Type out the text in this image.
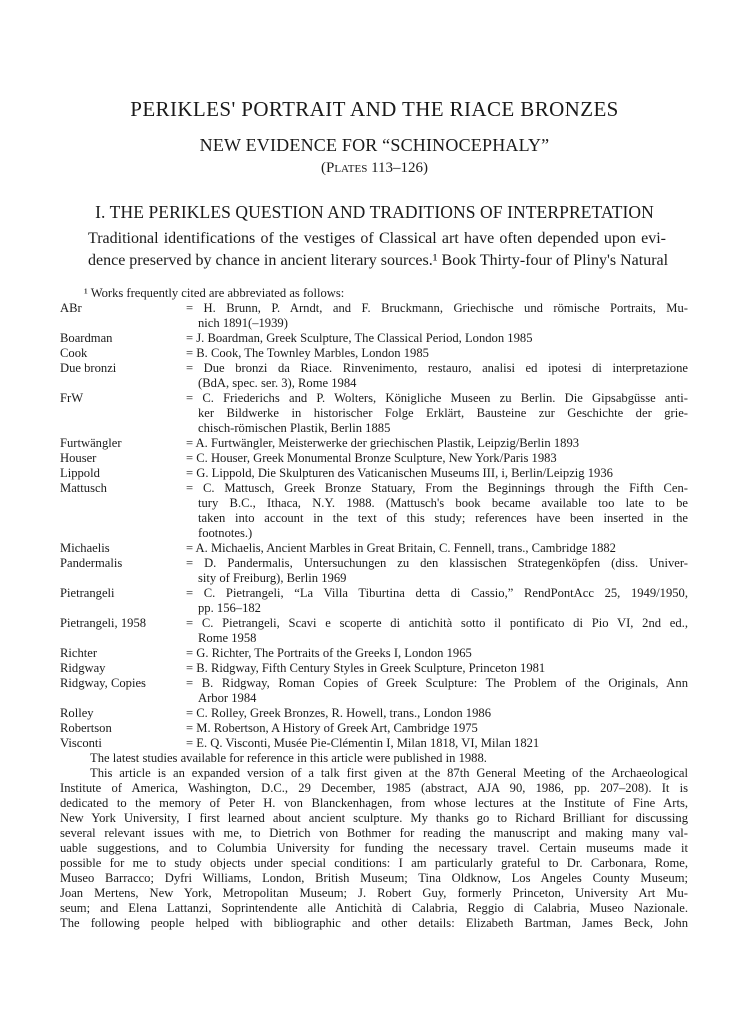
PERIKLES' PORTRAIT AND THE RIACE BRONZES
NEW EVIDENCE FOR “SCHINOCEPHALY”
(Plates 113–126)
I. THE PERIKLES QUESTION AND TRADITIONS OF INTERPRETATION
Traditional identifications of the vestiges of Classical art have often depended upon evi-
dence preserved by chance in ancient literary sources.¹ Book Thirty-four of Pliny's Natural
¹ Works frequently cited are abbreviated as follows:
ABr	= H. Brunn, P. Arndt, and F. Bruckmann, Griechische und römische Portraits, Mu-
nich 1891(–1939)
Boardman	= J. Boardman, Greek Sculpture, The Classical Period, London 1985
Cook	= B. Cook, The Townley Marbles, London 1985
Due bronzi	= Due bronzi da Riace. Rinvenimento, restauro, analisi ed ipotesi di interpretazione
(BdA, spec. ser. 3), Rome 1984
FrW	= C. Friederichs and P. Wolters, Königliche Museen zu Berlin. Die Gipsabgüsse anti-
ker Bildwerke in historischer Folge Erklärt, Bausteine zur Geschichte der grie-
chisch-römischen Plastik, Berlin 1885
Furtwängler	= A. Furtwängler, Meisterwerke der griechischen Plastik, Leipzig/Berlin 1893
Houser	= C. Houser, Greek Monumental Bronze Sculpture, New York/Paris 1983
Lippold	= G. Lippold, Die Skulpturen des Vaticanischen Museums III, i, Berlin/Leipzig 1936
Mattusch	= C. Mattusch, Greek Bronze Statuary, From the Beginnings through the Fifth Cen-
tury B.C., Ithaca, N.Y. 1988. (Mattusch's book became available too late to be
taken into account in the text of this study; references have been inserted in the
footnotes.)
Michaelis	= A. Michaelis, Ancient Marbles in Great Britain, C. Fennell, trans., Cambridge 1882
Pandermalis	= D. Pandermalis, Untersuchungen zu den klassischen Strategenköpfen (diss. Univer-
sity of Freiburg), Berlin 1969
Pietrangeli	= C. Pietrangeli, “La Villa Tiburtina detta di Cassio,” RendPontAcc 25, 1949/1950,
pp. 156–182
Pietrangeli, 1958	= C. Pietrangeli, Scavi e scoperte di antichità sotto il pontificato di Pio VI, 2nd ed.,
Rome 1958
Richter	= G. Richter, The Portraits of the Greeks I, London 1965
Ridgway	= B. Ridgway, Fifth Century Styles in Greek Sculpture, Princeton 1981
Ridgway, Copies	= B. Ridgway, Roman Copies of Greek Sculpture: The Problem of the Originals, Ann
Arbor 1984
Rolley	= C. Rolley, Greek Bronzes, R. Howell, trans., London 1986
Robertson	= M. Robertson, A History of Greek Art, Cambridge 1975
Visconti	= E. Q. Visconti, Musée Pie-Clémentin I, Milan 1818, VI, Milan 1821
The latest studies available for reference in this article were published in 1988.
This article is an expanded version of a talk first given at the 87th General Meeting of the Archaeological
Institute of America, Washington, D.C., 29 December, 1985 (abstract, AJA 90, 1986, pp. 207–208). It is
dedicated to the memory of Peter H. von Blanckenhagen, from whose lectures at the Institute of Fine Arts,
New York University, I first learned about ancient sculpture. My thanks go to Richard Brilliant for discussing
several relevant issues with me, to Dietrich von Bothmer for reading the manuscript and making many val-
uable suggestions, and to Columbia University for funding the necessary travel. Certain museums made it
possible for me to study objects under special conditions: I am particularly grateful to Dr. Carbonara, Rome,
Museo Barracco; Dyfri Williams, London, British Museum; Tina Oldknow, Los Angeles County Museum;
Joan Mertens, New York, Metropolitan Museum; J. Robert Guy, formerly Princeton, University Art Mu-
seum; and Elena Lattanzi, Soprintendente alle Antichità di Calabria, Reggio di Calabria, Museo Nazionale.
The following people helped with bibliographic and other details: Elizabeth Bartman, James Beck, John
